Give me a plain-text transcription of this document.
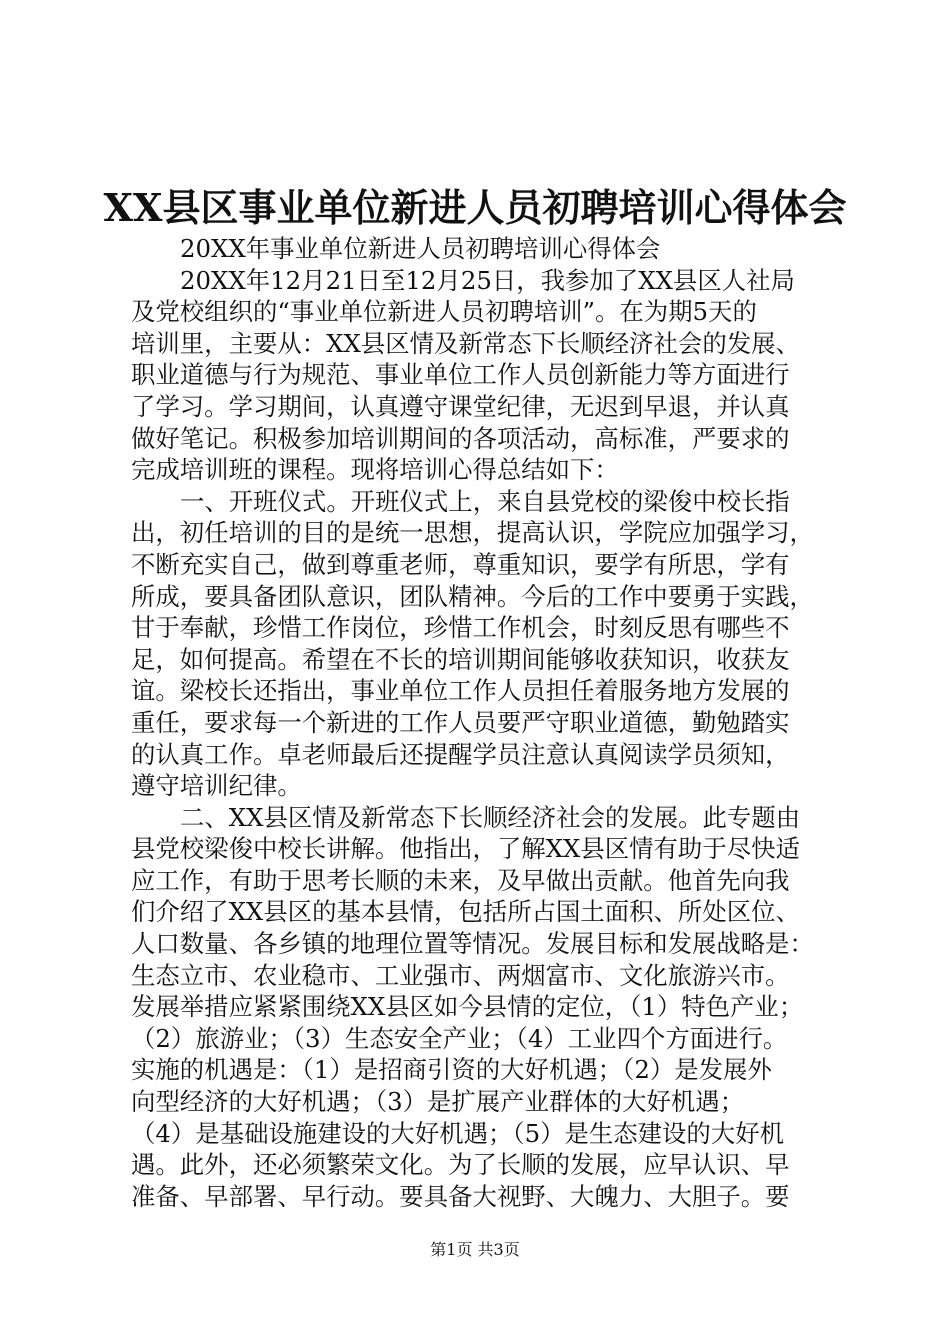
XX县区事业单位新进人员初聘培训心得体会
20XX年事业单位新进人员初聘培训心得体会
20XX年12月21日至12月25日，我参加了XX县区人社局
及党校组织的“事业单位新进人员初聘培训”。在为期5天的
培训里，主要从：XX县区情及新常态下长顺经济社会的发展、
职业道德与行为规范、事业单位工作人员创新能力等方面进行
了学习。学习期间，认真遵守课堂纪律，无迟到早退，并认真
做好笔记。积极参加培训期间的各项活动，高标准，严要求的
完成培训班的课程。现将培训心得总结如下：
一、开班仪式。开班仪式上，来自县党校的梁俊中校长指
出，初任培训的目的是统一思想，提高认识，学院应加强学习，
不断充实自己，做到尊重老师，尊重知识，要学有所思，学有
所成，要具备团队意识，团队精神。今后的工作中要勇于实践，
甘于奉献，珍惜工作岗位，珍惜工作机会，时刻反思有哪些不
足，如何提高。希望在不长的培训期间能够收获知识，收获友
谊。梁校长还指出，事业单位工作人员担任着服务地方发展的
重任，要求每一个新进的工作人员要严守职业道德，勤勉踏实
的认真工作。卓老师最后还提醒学员注意认真阅读学员须知，
遵守培训纪律。
二、XX县区情及新常态下长顺经济社会的发展。此专题由
县党校梁俊中校长讲解。他指出，了解XX县区情有助于尽快适
应工作，有助于思考长顺的未来，及早做出贡献。他首先向我
们介绍了XX县区的基本县情，包括所占国土面积、所处区位、
人口数量、各乡镇的地理位置等情况。发展目标和发展战略是：
生态立市、农业稳市、工业强市、两烟富市、文化旅游兴市。
发展举措应紧紧围绕XX县区如今县情的定位，（1）特色产业；
（2）旅游业；（3）生态安全产业；（4）工业四个方面进行。
实施的机遇是：（1）是招商引资的大好机遇；（2）是发展外
向型经济的大好机遇；（3）是扩展产业群体的大好机遇；
（4）是基础设施建设的大好机遇；（5）是生态建设的大好机
遇。此外，还必须繁荣文化。为了长顺的发展，应早认识、早
准备、早部署、早行动。要具备大视野、大魄力、大胆子。要
第1页 共3页
